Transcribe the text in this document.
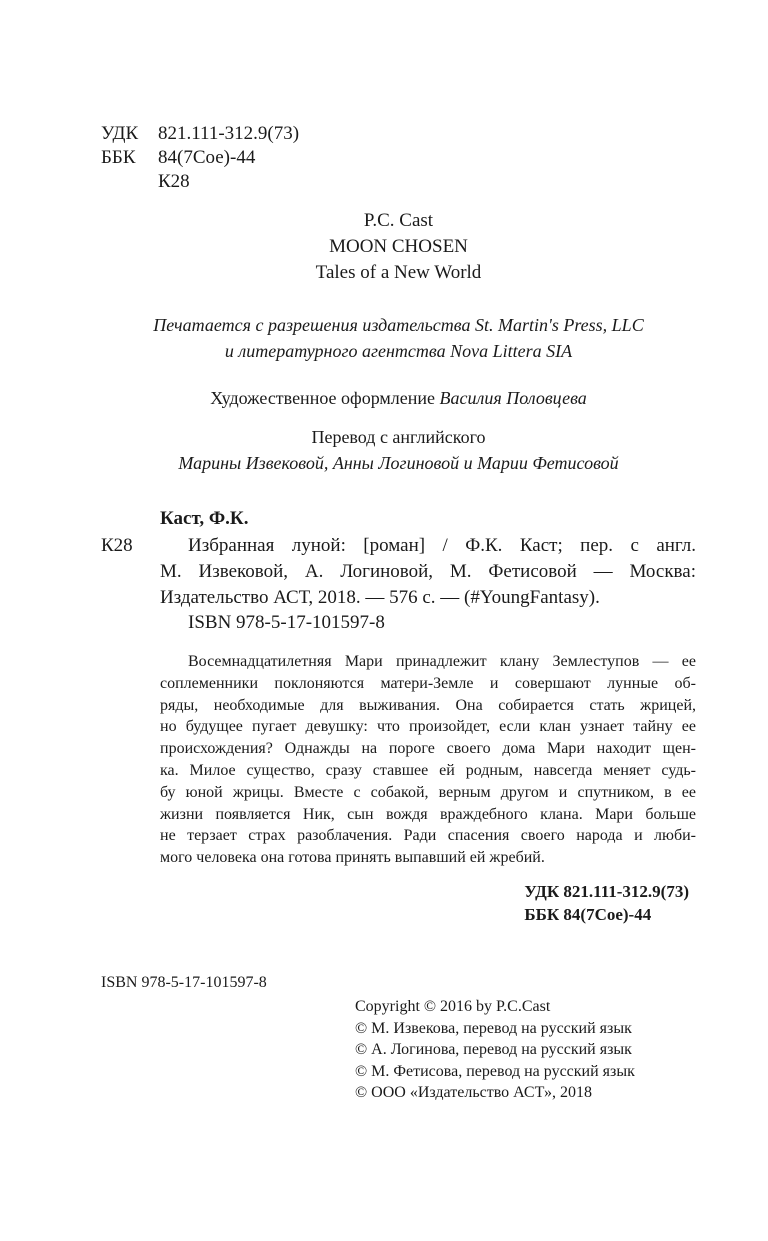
УДК	821.111-312.9(73)
ББК	84(7Сое)-44
К28
P.C. Cast
MOON CHOSEN
Tales of a New World
Печатается с разрешения издательства St. Martin's Press, LLC
и литературного агентства Nova Littera SIA
Художественное оформление Василия Половцева
Перевод с английского
Марины Извековой, Анны Логиновой и Марии Фетисовой
Каст, Ф.К.
К28	Избранная луной: [роман] / Ф.К. Каст; пер. с англ.
М. Извековой, А. Логиновой, М. Фетисовой — Москва:
Издательство АСТ, 2018. — 576 с. — (#YoungFantasy).
ISBN 978-5-17-101597-8
Восемнадцатилетняя Мари принадлежит клану Землеступов — ее
соплеменники поклоняются матери-Земле и совершают лунные об-
ряды, необходимые для выживания. Она собирается стать жрицей,
но будущее пугает девушку: что произойдет, если клан узнает тайну ее
происхождения? Однажды на пороге своего дома Мари находит щен-
ка. Милое существо, сразу ставшее ей родным, навсегда меняет судь-
бу юной жрицы. Вместе с собакой, верным другом и спутником, в ее
жизни появляется Ник, сын вождя враждебного клана. Мари больше
не терзает страх разоблачения. Ради спасения своего народа и люби-
мого человека она готова принять выпавший ей жребий.
УДК 821.111-312.9(73)
ББК 84(7Сое)-44
ISBN 978-5-17-101597-8
Copyright © 2016 by P.C.Cast
© М. Извекова, перевод на русский язык
© А. Логинова, перевод на русский язык
© М. Фетисова, перевод на русский язык
© ООО «Издательство АСТ», 2018
